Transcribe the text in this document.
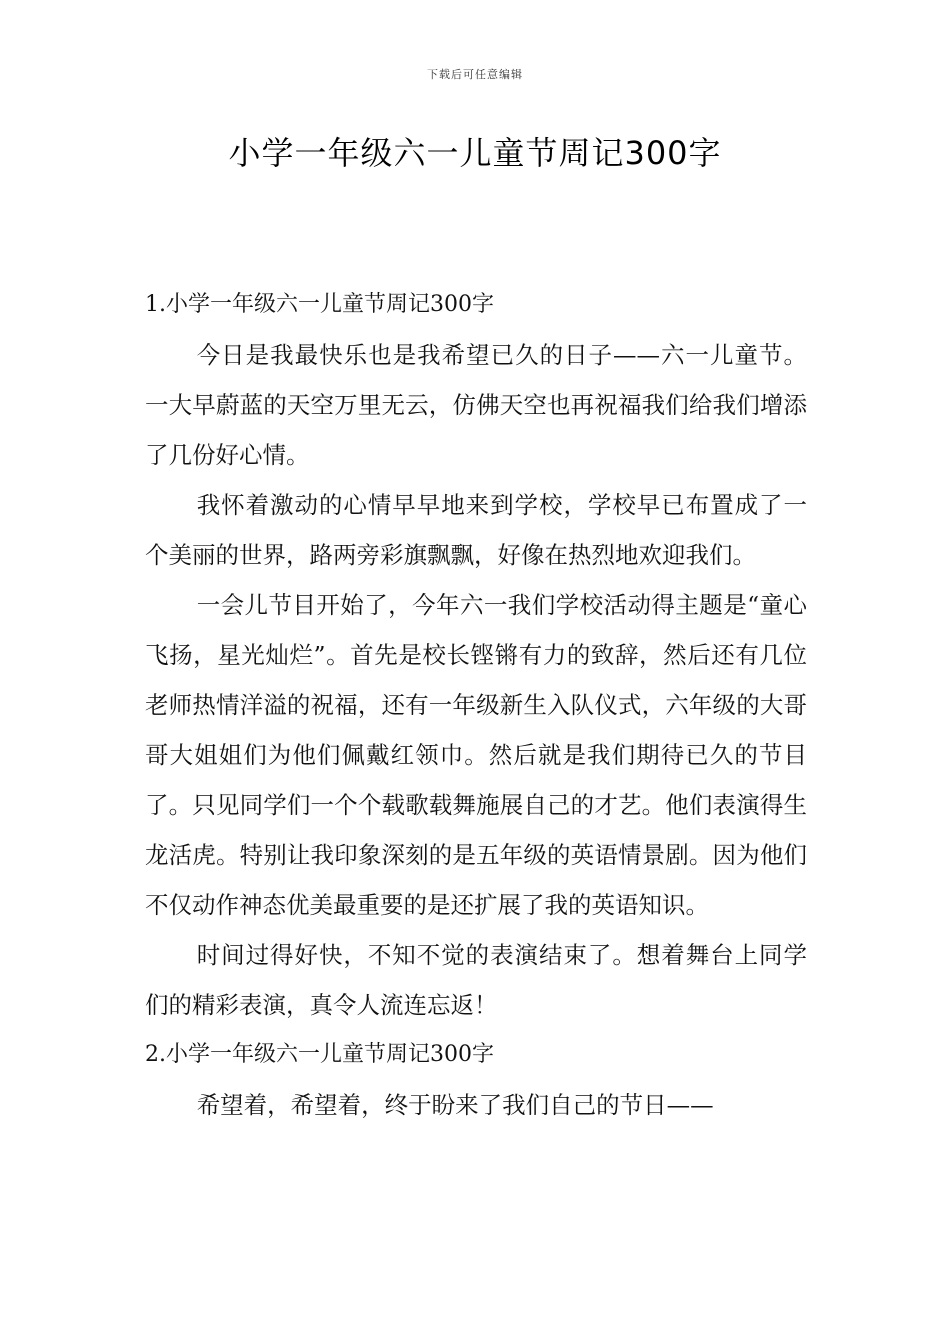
下载后可任意编辑
小学一年级六一儿童节周记300字

1.小学一年级六一儿童节周记300字

今日是我最快乐也是我希望已久的日子——六一儿童节。一大早蔚蓝的天空万里无云，仿佛天空也再祝福我们给我们增添了几份好心情。

我怀着激动的心情早早地来到学校，学校早已布置成了一个美丽的世界，路两旁彩旗飘飘，好像在热烈地欢迎我们。

一会儿节目开始了，今年六一我们学校活动得主题是“童心飞扬，星光灿烂”。首先是校长铿锵有力的致辞，然后还有几位老师热情洋溢的祝福，还有一年级新生入队仪式，六年级的大哥哥大姐姐们为他们佩戴红领巾。然后就是我们期待已久的节目了。只见同学们一个个载歌载舞施展自己的才艺。他们表演得生龙活虎。特别让我印象深刻的是五年级的英语情景剧。因为他们不仅动作神态优美最重要的是还扩展了我的英语知识。

时间过得好快，不知不觉的表演结束了。想着舞台上同学们的精彩表演，真令人流连忘返！

2.小学一年级六一儿童节周记300字

希望着，希望着，终于盼来了我们自己的节日——
